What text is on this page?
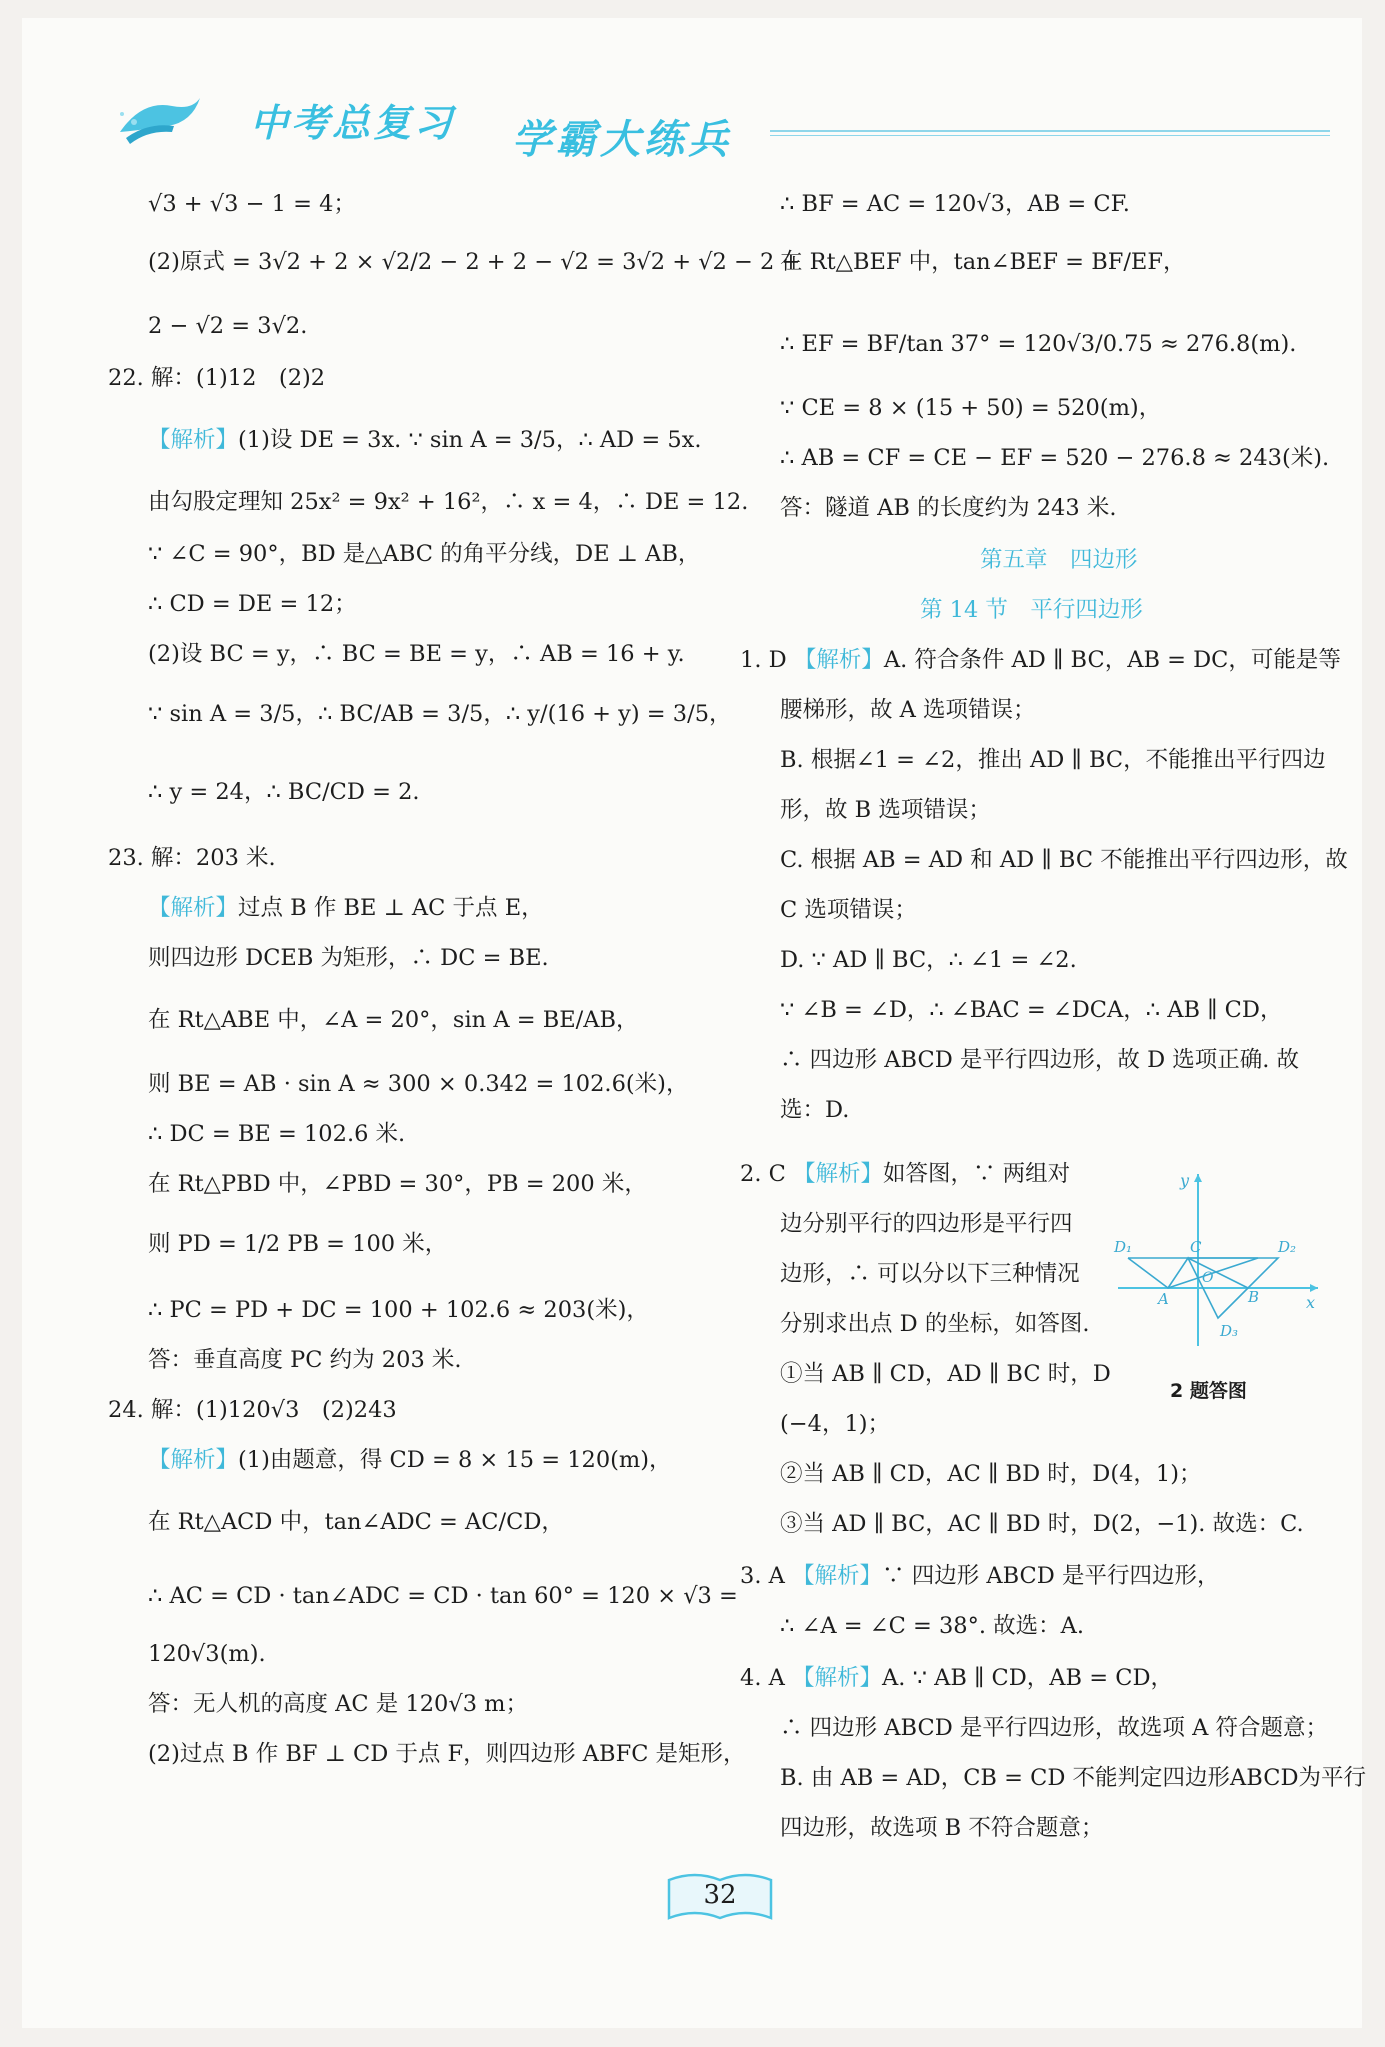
中考总复习 学霸大练兵
√3 + √3 − 1 = 4；
(2)原式 = 3√2 + 2 × √2/2 − 2 + 2 − √2 = 3√2 + √2 − 2 +
2 − √2 = 3√2.
22. 解：(1)12　(2)2
【解析】(1)设 DE = 3x. ∵ sin A = 3/5，∴ AD = 5x.
由勾股定理知 25x² = 9x² + 16²，∴ x = 4，∴ DE = 12.
∵ ∠C = 90°，BD 是△ABC 的角平分线，DE ⊥ AB，
∴ CD = DE = 12；
(2)设 BC = y，∴ BC = BE = y，∴ AB = 16 + y.
∵ sin A = 3/5，∴ BC/AB = 3/5，∴ y/(16 + y) = 3/5，
∴ y = 24，∴ BC/CD = 2.
23. 解：203 米.
【解析】过点 B 作 BE ⊥ AC 于点 E，
则四边形 DCEB 为矩形，∴ DC = BE.
在 Rt△ABE 中，∠A = 20°，sin A = BE/AB，
则 BE = AB · sin A ≈ 300 × 0.342 = 102.6(米)，
∴ DC = BE = 102.6 米.
在 Rt△PBD 中，∠PBD = 30°，PB = 200 米，
则 PD = 1/2 PB = 100 米，
∴ PC = PD + DC = 100 + 102.6 ≈ 203(米)，
答：垂直高度 PC 约为 203 米.
24. 解：(1)120√3　(2)243
【解析】(1)由题意，得 CD = 8 × 15 = 120(m)，
在 Rt△ACD 中，tan∠ADC = AC/CD，
∴ AC = CD · tan∠ADC = CD · tan 60° = 120 × √3 =
120√3(m).
答：无人机的高度 AC 是 120√3 m；
(2)过点 B 作 BF ⊥ CD 于点 F，则四边形 ABFC 是矩形，
∴ BF = AC = 120√3，AB = CF.
在 Rt△BEF 中，tan∠BEF = BF/EF，
∴ EF = BF/tan 37° = 120√3/0.75 ≈ 276.8(m).
∵ CE = 8 × (15 + 50) = 520(m)，
∴ AB = CF = CE − EF = 520 − 276.8 ≈ 243(米).
答：隧道 AB 的长度约为 243 米.
第五章　四边形
第 14 节　平行四边形
1. D 【解析】A. 符合条件 AD ∥ BC，AB = DC，可能是等
腰梯形，故 A 选项错误；
B. 根据∠1 = ∠2，推出 AD ∥ BC，不能推出平行四边
形，故 B 选项错误；
C. 根据 AB = AD 和 AD ∥ BC 不能推出平行四边形，故
C 选项错误；
D. ∵ AD ∥ BC，∴ ∠1 = ∠2.
∵ ∠B = ∠D，∴ ∠BAC = ∠DCA，∴ AB ∥ CD，
∴ 四边形 ABCD 是平行四边形，故 D 选项正确. 故
选：D.
2. C 【解析】如答图，∵ 两组对
边分别平行的四边形是平行四
边形，∴ 可以分以下三种情况
分别求出点 D 的坐标，如答图.
①当 AB ∥ CD，AD ∥ BC 时，D
(−4，1)；
②当 AB ∥ CD，AC ∥ BD 时，D(4，1)；
③当 AD ∥ BC，AC ∥ BD 时，D(2，−1). 故选：C.
3. A 【解析】∵ 四边形 ABCD 是平行四边形，
∴ ∠A = ∠C = 38°. 故选：A.
4. A 【解析】A. ∵ AB ∥ CD，AB = CD，
∴ 四边形 ABCD 是平行四边形，故选项 A 符合题意；
B. 由 AB = AD，CB = CD 不能判定四边形ABCD为平行
四边形，故选项 B 不符合题意；
y
x
C
O
A	B
D₁	D₂
D₃
2 题答图
32
